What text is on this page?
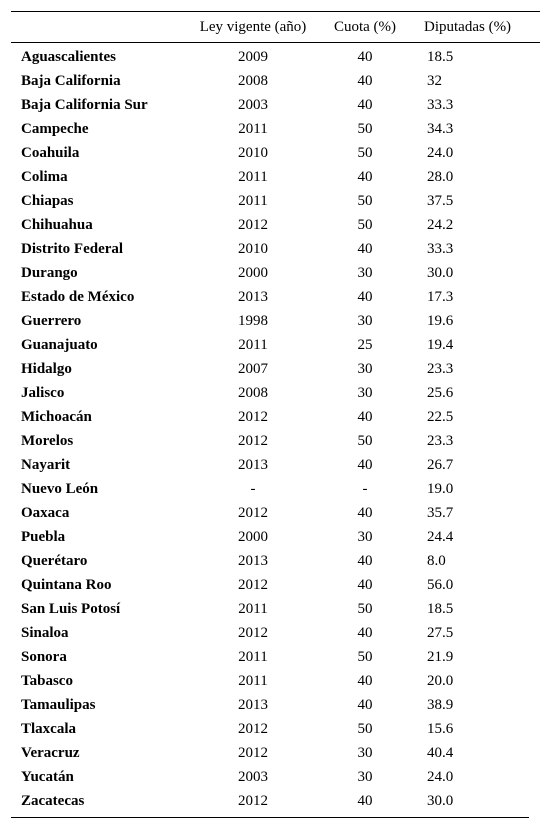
	Ley vigente (año)	Cuota (%)	Diputadas (%)
Aguascalientes	2009	40	18.5
Baja California	2008	40	32
Baja California Sur	2003	40	33.3
Campeche	2011	50	34.3
Coahuila	2010	50	24.0
Colima	2011	40	28.0
Chiapas	2011	50	37.5
Chihuahua	2012	50	24.2
Distrito Federal	2010	40	33.3
Durango	2000	30	30.0
Estado de México	2013	40	17.3
Guerrero	1998	30	19.6
Guanajuato	2011	25	19.4
Hidalgo	2007	30	23.3
Jalisco	2008	30	25.6
Michoacán	2012	40	22.5
Morelos	2012	50	23.3
Nayarit	2013	40	26.7
Nuevo León	-	-	19.0
Oaxaca	2012	40	35.7
Puebla	2000	30	24.4
Querétaro	2013	40	8.0
Quintana Roo	2012	40	56.0
San Luis Potosí	2011	50	18.5
Sinaloa	2012	40	27.5
Sonora	2011	50	21.9
Tabasco	2011	40	20.0
Tamaulipas	2013	40	38.9
Tlaxcala	2012	50	15.6
Veracruz	2012	30	40.4
Yucatán	2003	30	24.0
Zacatecas	2012	40	30.0
